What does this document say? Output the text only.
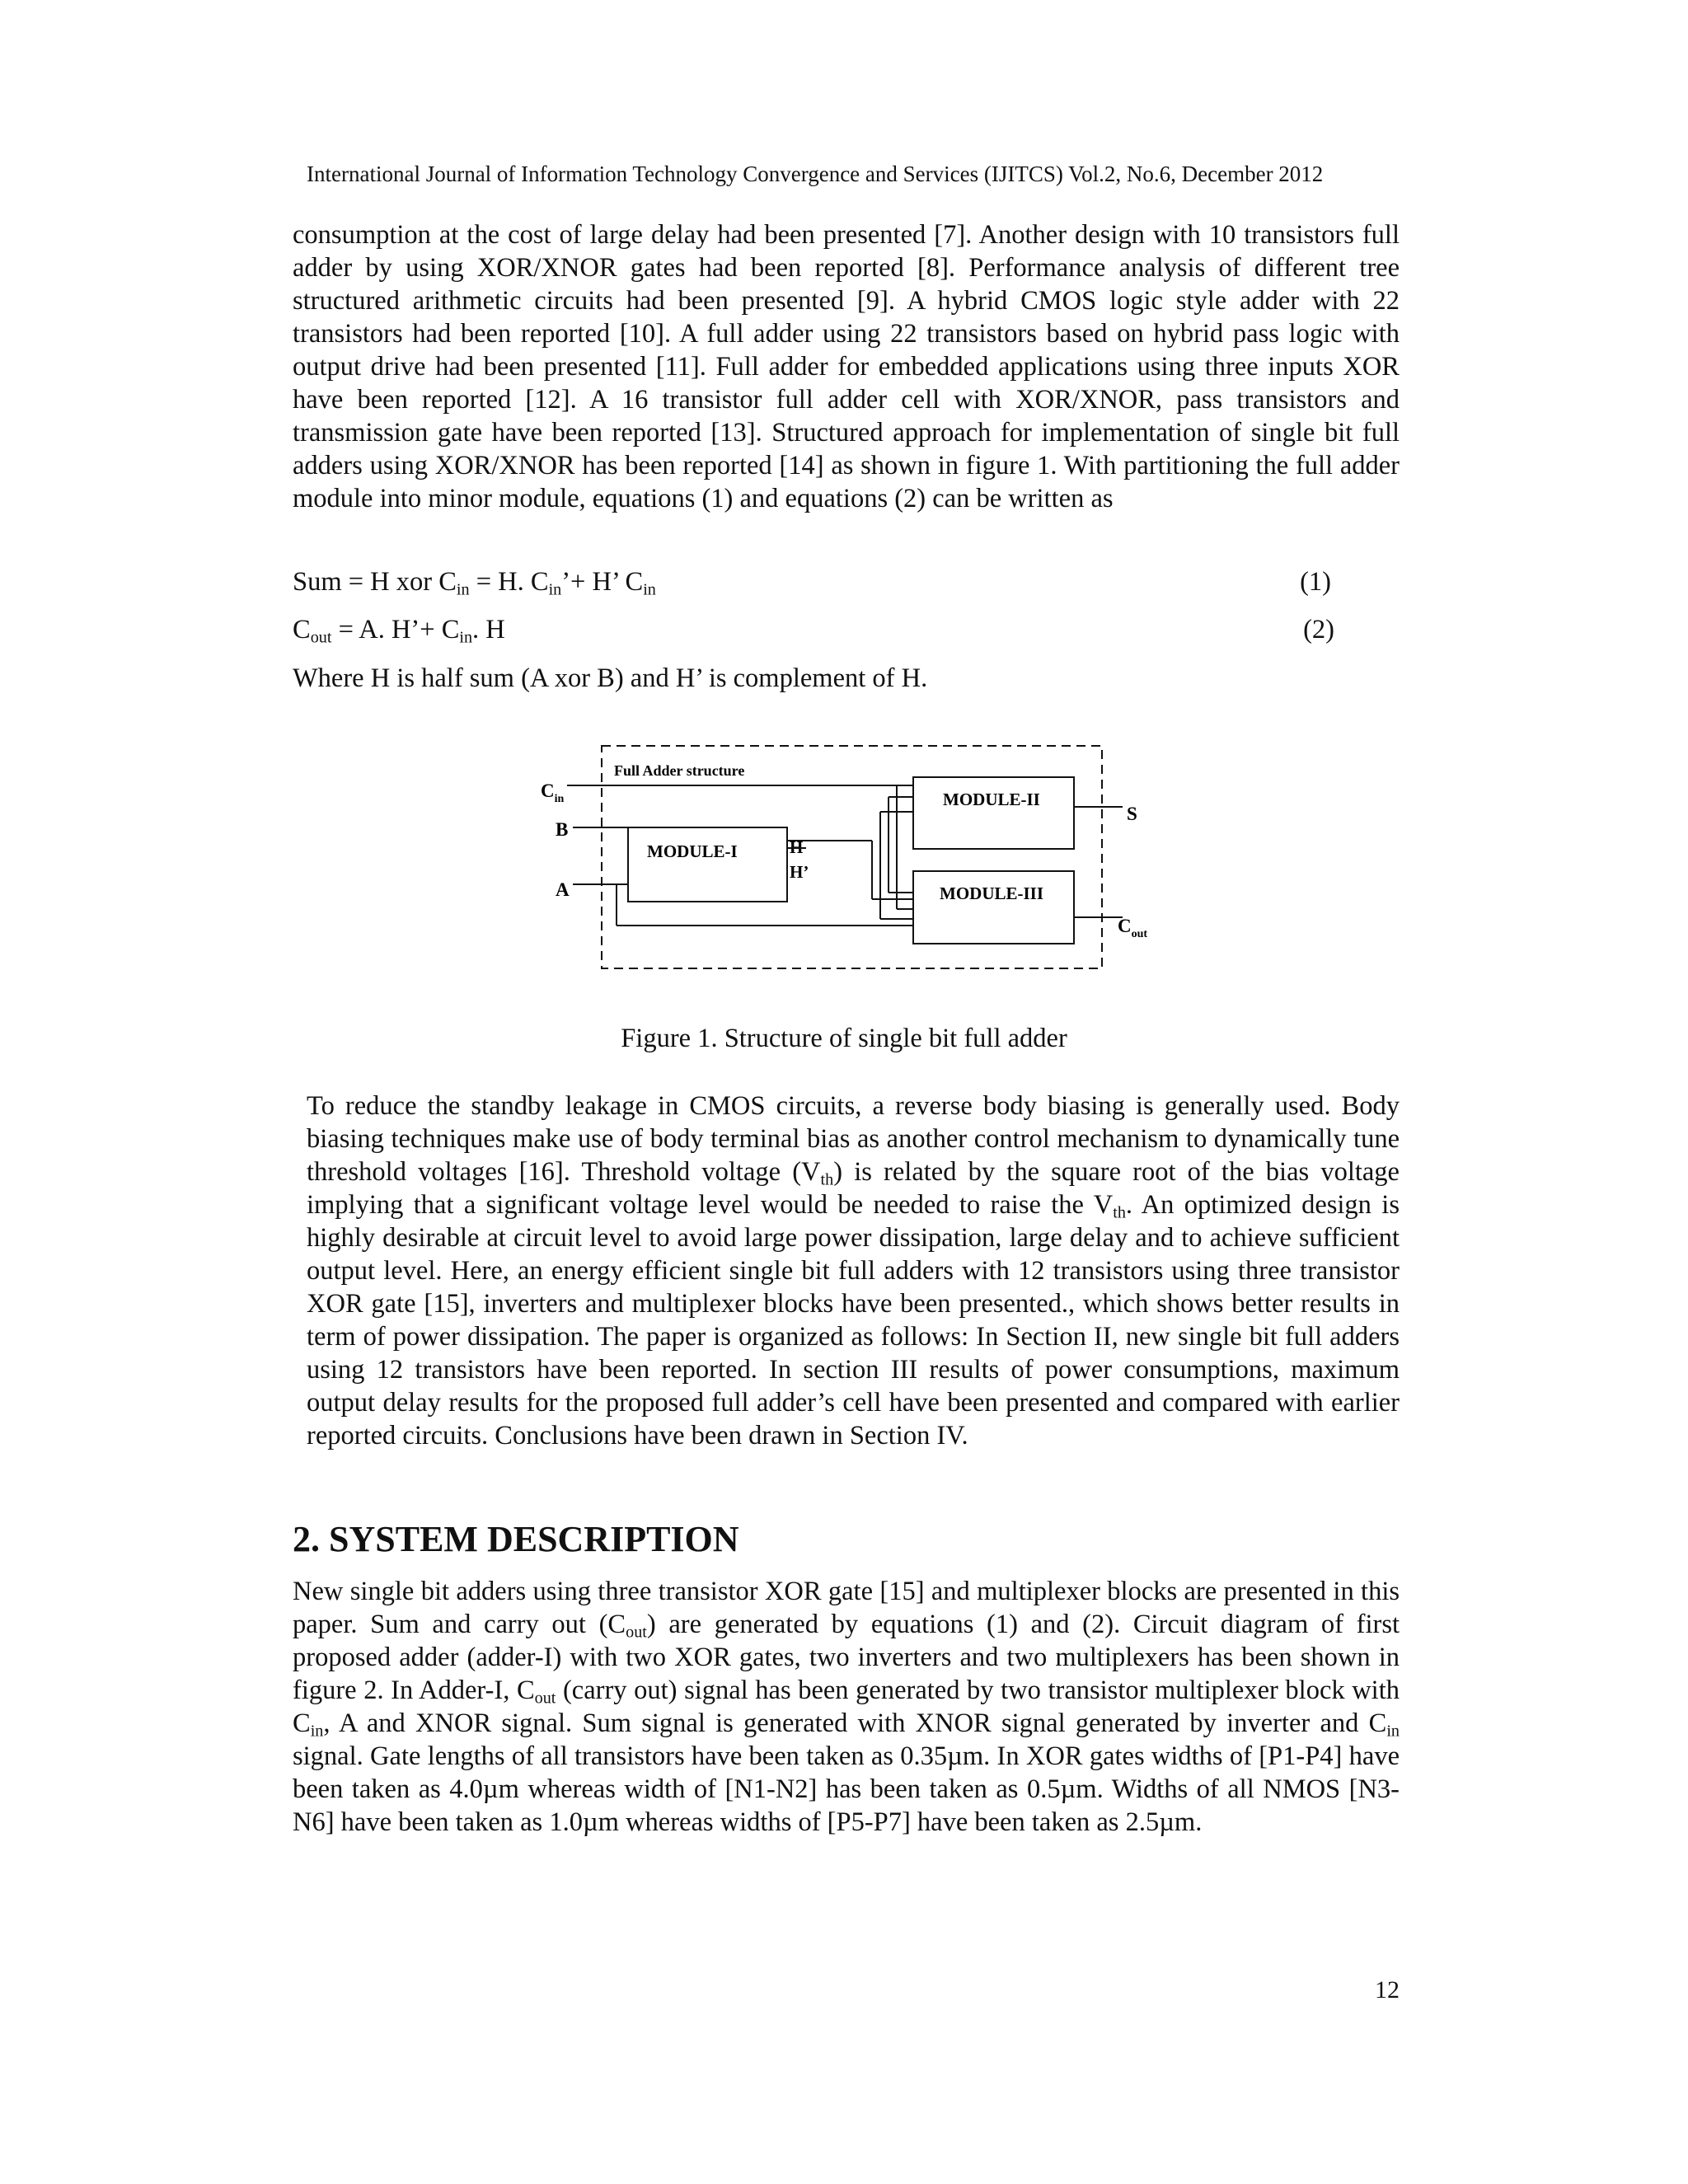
International Journal of Information Technology Convergence and Services (IJITCS) Vol.2, No.6, December 2012
consumption at the cost of large delay had been presented [7]. Another design with 10 transistors full adder by using XOR/XNOR gates had been reported [8]. Performance analysis of different tree structured arithmetic circuits had been presented [9]. A hybrid CMOS logic style adder with 22 transistors had been reported [10]. A full adder using 22 transistors based on hybrid pass logic with output drive had been presented [11]. Full adder for embedded applications using three inputs XOR have been reported [12]. A 16 transistor full adder cell with XOR/XNOR, pass transistors and transmission gate have been reported [13]. Structured approach for implementation of single bit full adders using XOR/XNOR has been reported [14] as shown in figure 1. With partitioning the full adder module into minor module, equations (1) and equations (2) can be written as
Sum = H xor $C_{in} = H$. $C_{in}’+ H$’ $C_{in}$	(1)
$C_{out} = A$. H’+ $C_{in}$. H	(2)
Where H is half sum (A xor B) and H’ is complement of H.
Full Adder structure
MODULE-I
MODULE-II
MODULE-III
$C_{in}$
B
A
H
H’
S
$C_{out}$
Figure 1. Structure of single bit full adder
To reduce the standby leakage in CMOS circuits, a reverse body biasing is generally used. Body biasing techniques make use of body terminal bias as another control mechanism to dynamically tune threshold voltages [16]. Threshold voltage $(V_{th})$ is related by the square root of the bias voltage implying that a significant voltage level would be needed to raise the $V_{th}$. An optimized design is highly desirable at circuit level to avoid large power dissipation, large delay and to achieve sufficient output level. Here, an energy efficient single bit full adders with 12 transistors using three transistor XOR gate [15], inverters and multiplexer blocks have been presented., which shows better results in term of power dissipation. The paper is organized as follows: In Section II, new single bit full adders using 12 transistors have been reported. In section III results of power consumptions, maximum output delay results for the proposed full adder’s cell have been presented and compared with earlier reported circuits. Conclusions have been drawn in Section IV.
2. SYSTEM DESCRIPTION
New single bit adders using three transistor XOR gate [15] and multiplexer blocks are presented in this paper. Sum and carry out $(C_{out})$ are generated by equations (1) and (2). Circuit diagram of first proposed adder (adder-I) with two XOR gates, two inverters and two multiplexers has been shown in figure 2. In Adder-I, $C_{out}$ (carry out) signal has been generated by two transistor multiplexer block with $C_{in}$, A and XNOR signal. Sum signal is generated with XNOR signal generated by inverter and $C_{in}$ signal. Gate lengths of all transistors have been taken as 0.35µm. In XOR gates widths of [P1-P4] have been taken as 4.0µm whereas width of [N1-N2] has been taken as 0.5µm. Widths of all NMOS [N3-N6] have been taken as 1.0µm whereas widths of [P5-P7] have been taken as 2.5µm.
12
